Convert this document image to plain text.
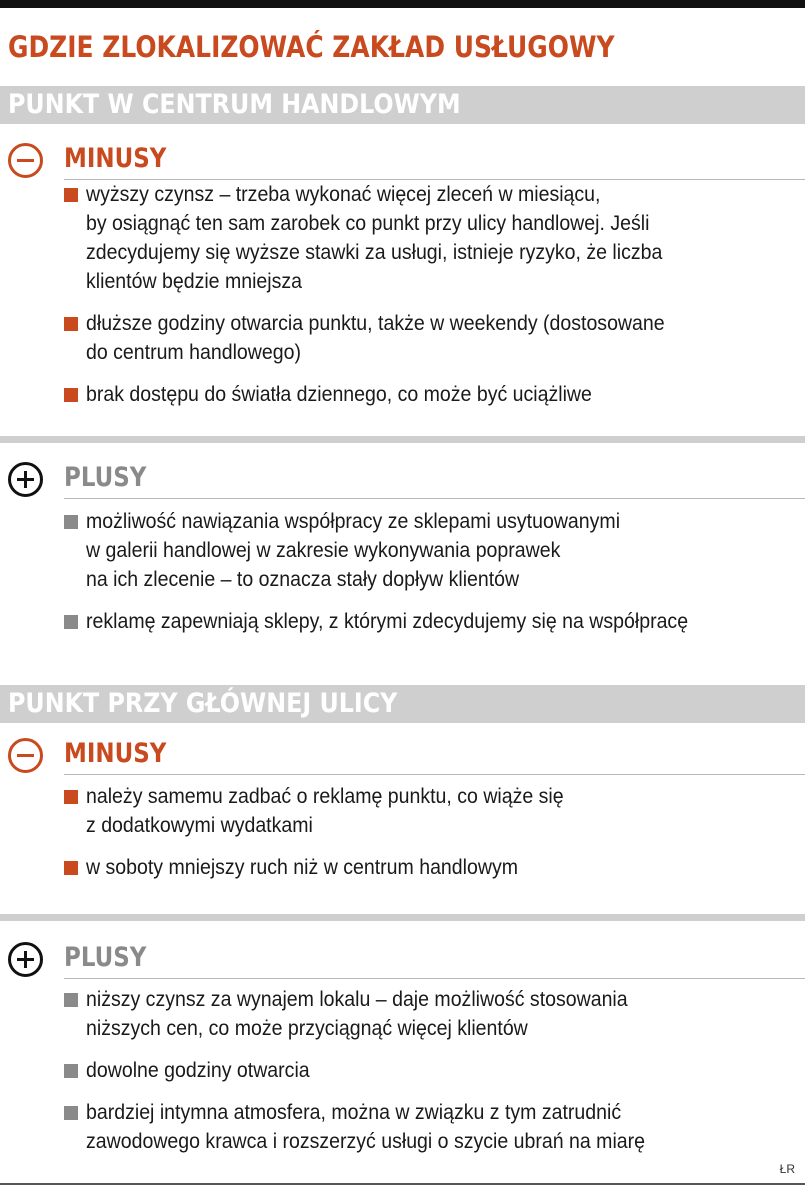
GDZIE ZLOKALIZOWAĆ ZAKŁAD USŁUGOWY
PUNKT W CENTRUM HANDLOWYM
MINUSY
wyższy czynsz – trzeba wykonać więcej zleceń w miesiącu,
by osiągnąć ten sam zarobek co punkt przy ulicy handlowej. Jeśli
zdecydujemy się wyższe stawki za usługi, istnieje ryzyko, że liczba
klientów będzie mniejsza
dłuższe godziny otwarcia punktu, także w weekendy (dostosowane
do centrum handlowego)
brak dostępu do światła dziennego, co może być uciążliwe
PLUSY
możliwość nawiązania współpracy ze sklepami usytuowanymi
w galerii handlowej w zakresie wykonywania poprawek
na ich zlecenie – to oznacza stały dopływ klientów
reklamę zapewniają sklepy, z którymi zdecydujemy się na współpracę
PUNKT PRZY GŁÓWNEJ ULICY
MINUSY
należy samemu zadbać o reklamę punktu, co wiąże się
z dodatkowymi wydatkami
w soboty mniejszy ruch niż w centrum handlowym
PLUSY
niższy czynsz za wynajem lokalu – daje możliwość stosowania
niższych cen, co może przyciągnąć więcej klientów
dowolne godziny otwarcia
bardziej intymna atmosfera, można w związku z tym zatrudnić
zawodowego krawca i rozszerzyć usługi o szycie ubrań na miarę
ŁR
